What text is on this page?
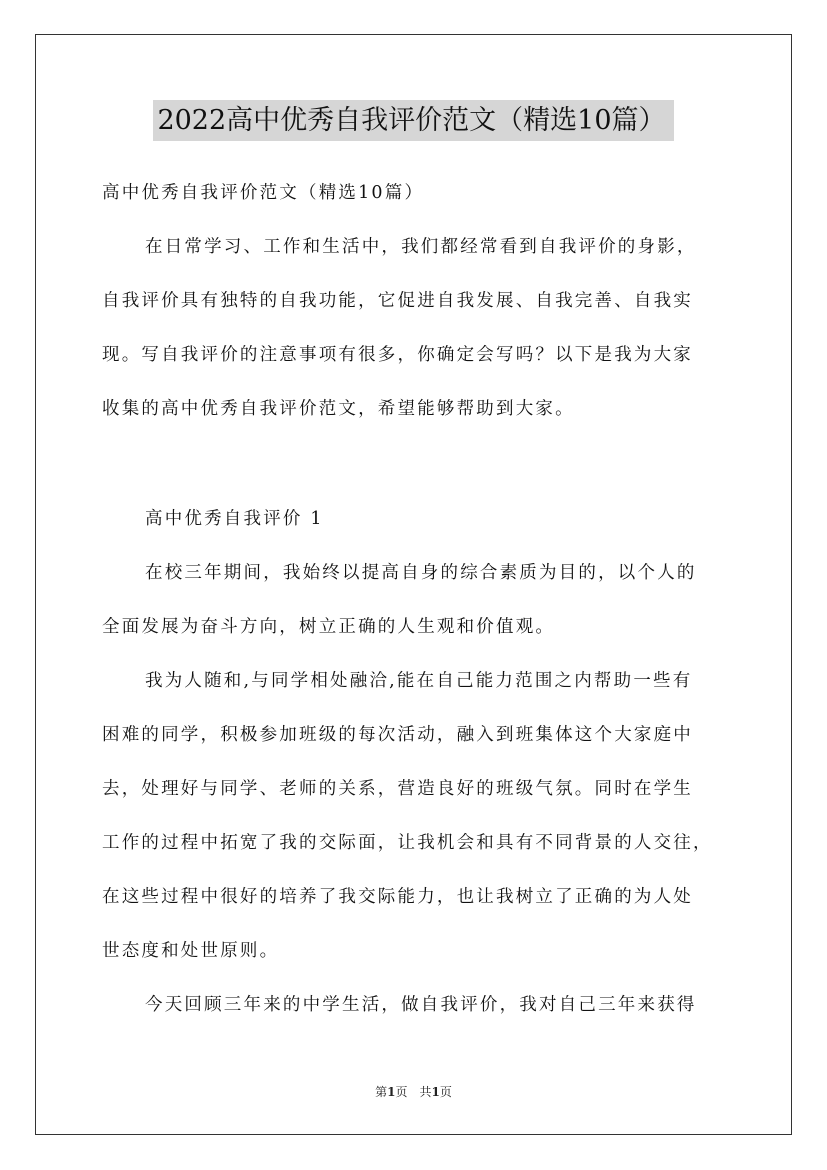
2022高中优秀自我评价范文（精选10篇）
高中优秀自我评价范文（精选10篇）
在日常学习、工作和生活中，我们都经常看到自我评价的身影，
自我评价具有独特的自我功能，它促进自我发展、自我完善、自我实
现。写自我评价的注意事项有很多，你确定会写吗？以下是我为大家
收集的高中优秀自我评价范文，希望能够帮助到大家。
高中优秀自我评价 1
在校三年期间，我始终以提高自身的综合素质为目的，以个人的
全面发展为奋斗方向，树立正确的人生观和价值观。
我为人随和,与同学相处融洽,能在自己能力范围之内帮助一些有
困难的同学，积极参加班级的每次活动，融入到班集体这个大家庭中
去，处理好与同学、老师的关系，营造良好的班级气氛。同时在学生
工作的过程中拓宽了我的交际面，让我机会和具有不同背景的人交往，
在这些过程中很好的培养了我交际能力，也让我树立了正确的为人处
世态度和处世原则。
今天回顾三年来的中学生活，做自我评价，我对自己三年来获得
第1页　共1页
